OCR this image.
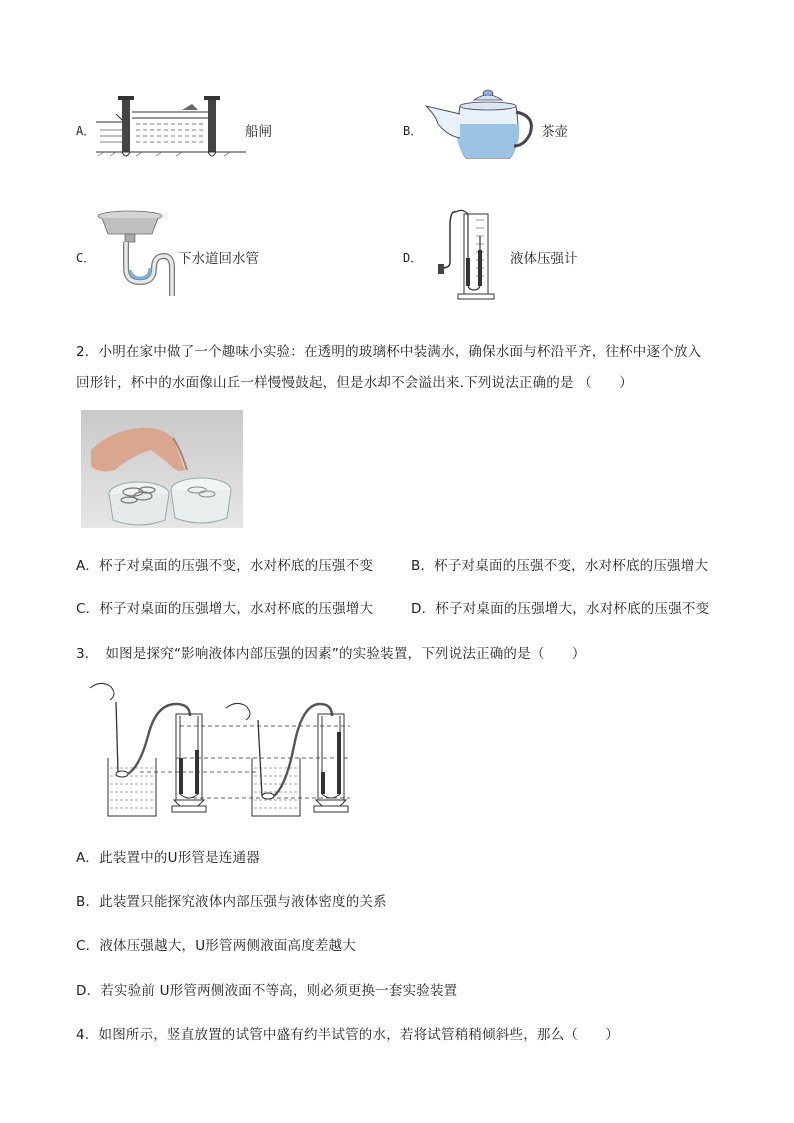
A．	船闸	B．	茶壶
C．	下水道回水管	D．	液体压强计
2．小明在家中做了一个趣味小实验：在透明的玻璃杯中装满水，确保水面与杯沿平齐，往杯中逐个放入
回形针，杯中的水面像山丘一样慢慢鼓起，但是水却不会溢出来.下列说法正确的是 （　　）
A．杯子对桌面的压强不变，水对杯底的压强不变	B．杯子对桌面的压强不变，水对杯底的压强增大
C．杯子对桌面的压强增大，水对杯底的压强增大	D．杯子对桌面的压强增大，水对杯底的压强不变
3．　如图是探究“影响液体内部压强的因素”的实验装置，下列说法正确的是（　　）
A．此装置中的U形管是连通器
B．此装置只能探究液体内部压强与液体密度的关系
C．液体压强越大，U形管两侧液面高度差越大
D．若实验前 U形管两侧液面不等高，则必须更换一套实验装置
4．如图所示，竖直放置的试管中盛有约半试管的水，若将试管稍稍倾斜些，那么（　　）
